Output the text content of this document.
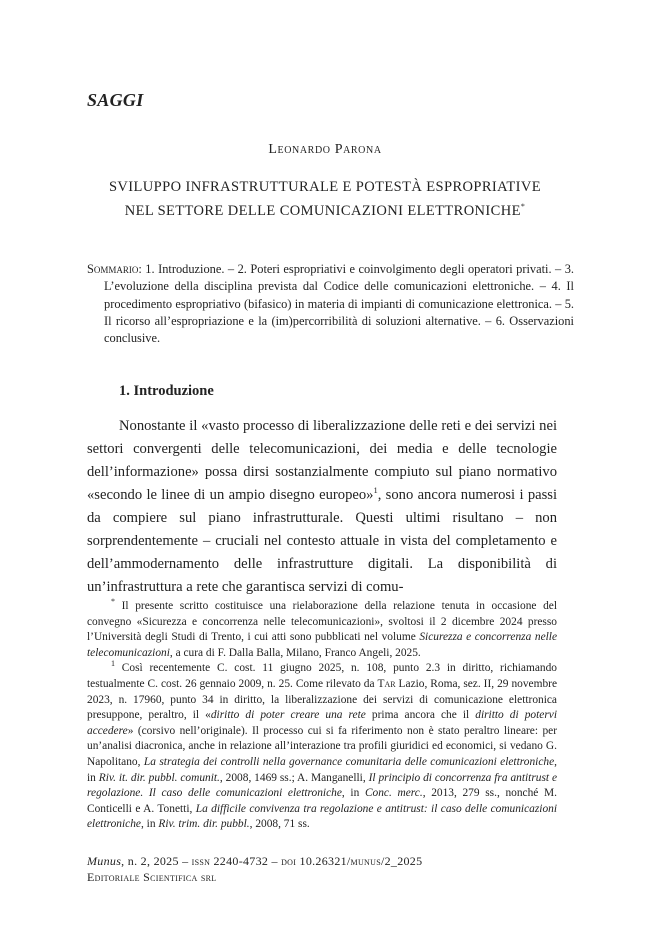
SAGGI
Leonardo Parona
SVILUPPO INFRASTRUTTURALE E POTESTÀ ESPROPRIATIVE
NEL SETTORE DELLE COMUNICAZIONI ELETTRONICHE*
Sommario: 1. Introduzione. – 2. Poteri espropriativi e coinvolgimento degli operatori privati. – 3. L’evoluzione della disciplina prevista dal Codice delle comunicazioni elettroniche. – 4. Il procedimento espropriativo (bifasico) in materia di impianti di comunicazione elettronica. – 5. Il ricorso all’espropriazione e la (im)percorribilità di soluzioni alternative. – 6. Osservazioni conclusive.
1. Introduzione

Nonostante il «vasto processo di liberalizzazione delle reti e dei servizi nei settori convergenti delle telecomunicazioni, dei media e delle tecnologie dell’informazione» possa dirsi sostanzialmente compiuto sul piano normativo «secondo le linee di un ampio disegno europeo»$^1$, sono ancora numerosi i passi da compiere sul piano infrastrutturale. Questi ultimi risultano – non sorprendentemente – cruciali nel contesto attuale in vista del completamento e dell’ammodernamento delle infrastrutture digitali. La disponibilità di un’infrastruttura a rete che garantisca servizi di comu-

* Il presente scritto costituisce una rielaborazione della relazione tenuta in occasione del convegno «Sicurezza e concorrenza nelle telecomunicazioni», svoltosi il 2 dicembre 2024 presso l’Università degli Studi di Trento, i cui atti sono pubblicati nel volume Sicurezza e concorrenza nelle telecomunicazioni, a cura di F. Dalla Balla, Milano, Franco Angeli, 2025.

$^1$ Così recentemente C. cost. 11 giugno 2025, n. 108, punto 2.3 in diritto, richiamando testualmente C. cost. 26 gennaio 2009, n. 25. Come rilevato da Tar Lazio, Roma, sez. II, 29 novembre 2023, n. 17960, punto 34 in diritto, la liberalizzazione dei servizi di comunicazione elettronica presuppone, peraltro, il «diritto di poter creare una rete prima ancora che il diritto di potervi accedere» (corsivo nell’originale). Il processo cui si fa riferimento non è stato peraltro lineare: per un’analisi diacronica, anche in relazione all’interazione tra profili giuridici ed economici, si vedano G. Napolitano, La strategia dei controlli nella governance comunitaria delle comunicazioni elettroniche, in Riv. it. dir. pubbl. comunit., 2008, 1469 ss.; A. Manganelli, Il principio di concorrenza fra antitrust e regolazione. Il caso delle comunicazioni elettroniche, in Conc. merc., 2013, 279 ss., nonché M. Conticelli e A. Tonetti, La difficile convivenza tra regolazione e antitrust: il caso delle comunicazioni elettroniche, in Riv. trim. dir. pubbl., 2008, 71 ss.

Munus, n. 2, 2025 – issn 2240-4732 – doi 10.26321/munus/2_2025
Editoriale Scientifica srl
